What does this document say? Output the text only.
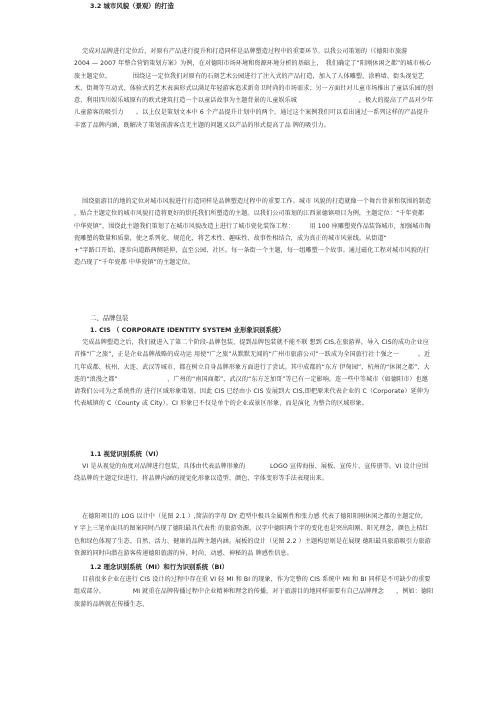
完成对品牌进行定位后，对原有产品进行提升和打造同样是品牌塑造过程中的重要环节。以我公司策划的（《德阳市旅游　　　　　　2004 — 2007 年整合营销策划方案》为例，在对德阳市场环境和资源环境分析的基础上，　我们确定了“阳刚休闲之都”的城市核心旅主题定位，　　　　围绕这一定位我们对原有的石刻艺术公园进行了注入式的产品打造，加入了人体雕塑、涂鸦墙、街头视觉艺术、街舞等互动式、体验式的艺术表演形式以满足年轻游客追求新奇卫时尚的市场需求；另一方面针对儿童市场推出了童话乐园的创意，利用四川娱乐城原有的欧式建筑打造一个以童话故事为主题背景的儿童娱乐城　　　　　　　　　　，极大的提高了产品对少年儿童游客的吸引力　　。以上仅是策划文本中 6 个产品提升计划中的两个，通过这个案例我们可以看出通过一系列这样的产品提升丰富了品牌内涵，既解决了策划前游客点无主题的问题又以产品的形式提高了品 牌的吸引力。
3.2 城市风貌（景观）的打造
围绕旅游目的地的定位对城市风貌进行打造同样是品牌塑造过程中的重要工作。城市 风貌的打造就像一个舞台背景和氛围的制造　　　　　，贴合主题定位的城市风貌打造将更好的烘托我们所塑造的主题。以我们公司策划的江西景德镇项目为例，主题定位：“千年瓷都　　　　中华瓷镇”，围绕此主题我们策划了在城市风貌改造上进行了城市瓷化装饰工程：　　　用 100 座雕塑瓷作品装饰城市，加强城市陶瓷雕塑的数量和质量，使之系列化、规范化，将艺术性、趣味性、故事性相结合，成为真正的城市风景线。从街道“　　　　　　+”字路口开始，逐步向道路两侧延伸，直至公园、社区。每一条街一个主题，每一组雕塑一个故事。通过磁化工程对城市风貌的打 造凸现了“千年瓷都 中华瓷镇”的主题定位。
二、品牌包装
1. CIS （ CORPORATE IDENTITY SYSTEM 业形象识别系统）
完成品牌塑造之后，我们就进入了第二个阶段-品牌包装，提到品牌包装就不能不联 想到 CIS,在旅游界，导入 CIS的成功企业应首推“广之旅”，正是企业品牌战略的成功运 用使“广之旅”从默默无闻的“广州市旅游公司”一跃成为全国旅行社十强之一　　　。近几年成都、杭州、大连、武汉等城市，都在树立自身品牌形象方面进行了尝试。其中成都的“东方 伊甸园”、杭州的“休闲之都”、大连的“浪漫之都”　　　　　　　　、广州的“南国商都”、武汉的“东方芝加哥”等已有一定影响。连一些中等城市（如德阳市）也邀请我们公司为之系统性的 进行区域形象策划。因此 CIS 已经由小 CIS 发展到大 CIS,即把原来代表企业的 C（Corporate）延伸为代表城镇的 C（County 或 City）。CI 形象已不仅是单个的企业或景区形象，而是演化 为整合的区域形象。
1.1 视觉识别系统（VI）
VI 是从视觉的角度对品牌进行包装，具体由代表品牌形象的　　　　LOGO 宣传海报、展板、宣传片、宣传册等。VI 设计应围绕品牌的主题定位进行，将品牌内涵的视觉化形象以造型、颜色、字体变形等手法表现出来。
在德阳项目的 LOG 以计中（见图 2.1 ）,简洁的字母 DY 造型中极具金属刚性和张力感 代表了德阳阳刚休闲之都的主题定位，　　　　　Y 字上三笔单面具的图案同时凸现了德阳最具代表性 的旅游资源，汉字中德阳两个字的变化也是突出阳刚、阳光理念，颜色上桔红色和绿色体现了生态、自然、活力、健康的品牌主题内涵。展板的设计（见图 2.2 ）主题构思则是在展现 德阳最具旅游吸引力旅游资源的同时向潜在游客传递德阳旅游的异、时尚、动感、神秘的品 牌感性信息。
1.2 理念识别系统（MI）和行为识别系统（BI）
目前很多企业在进行 CIS 设计的过程中存在重 VI 轻 MI 和 BI 的现象，作为完整的 CIS 系统中 MI 和 BI 同样是不可缺少的重要组成部分。　　　　　MI 就重在品牌传播过程中企业精神和理念的传播，对于旅游目的地同样需要有自己品牌理念　　，例如：德阳旅游的品牌就在传播生态、
